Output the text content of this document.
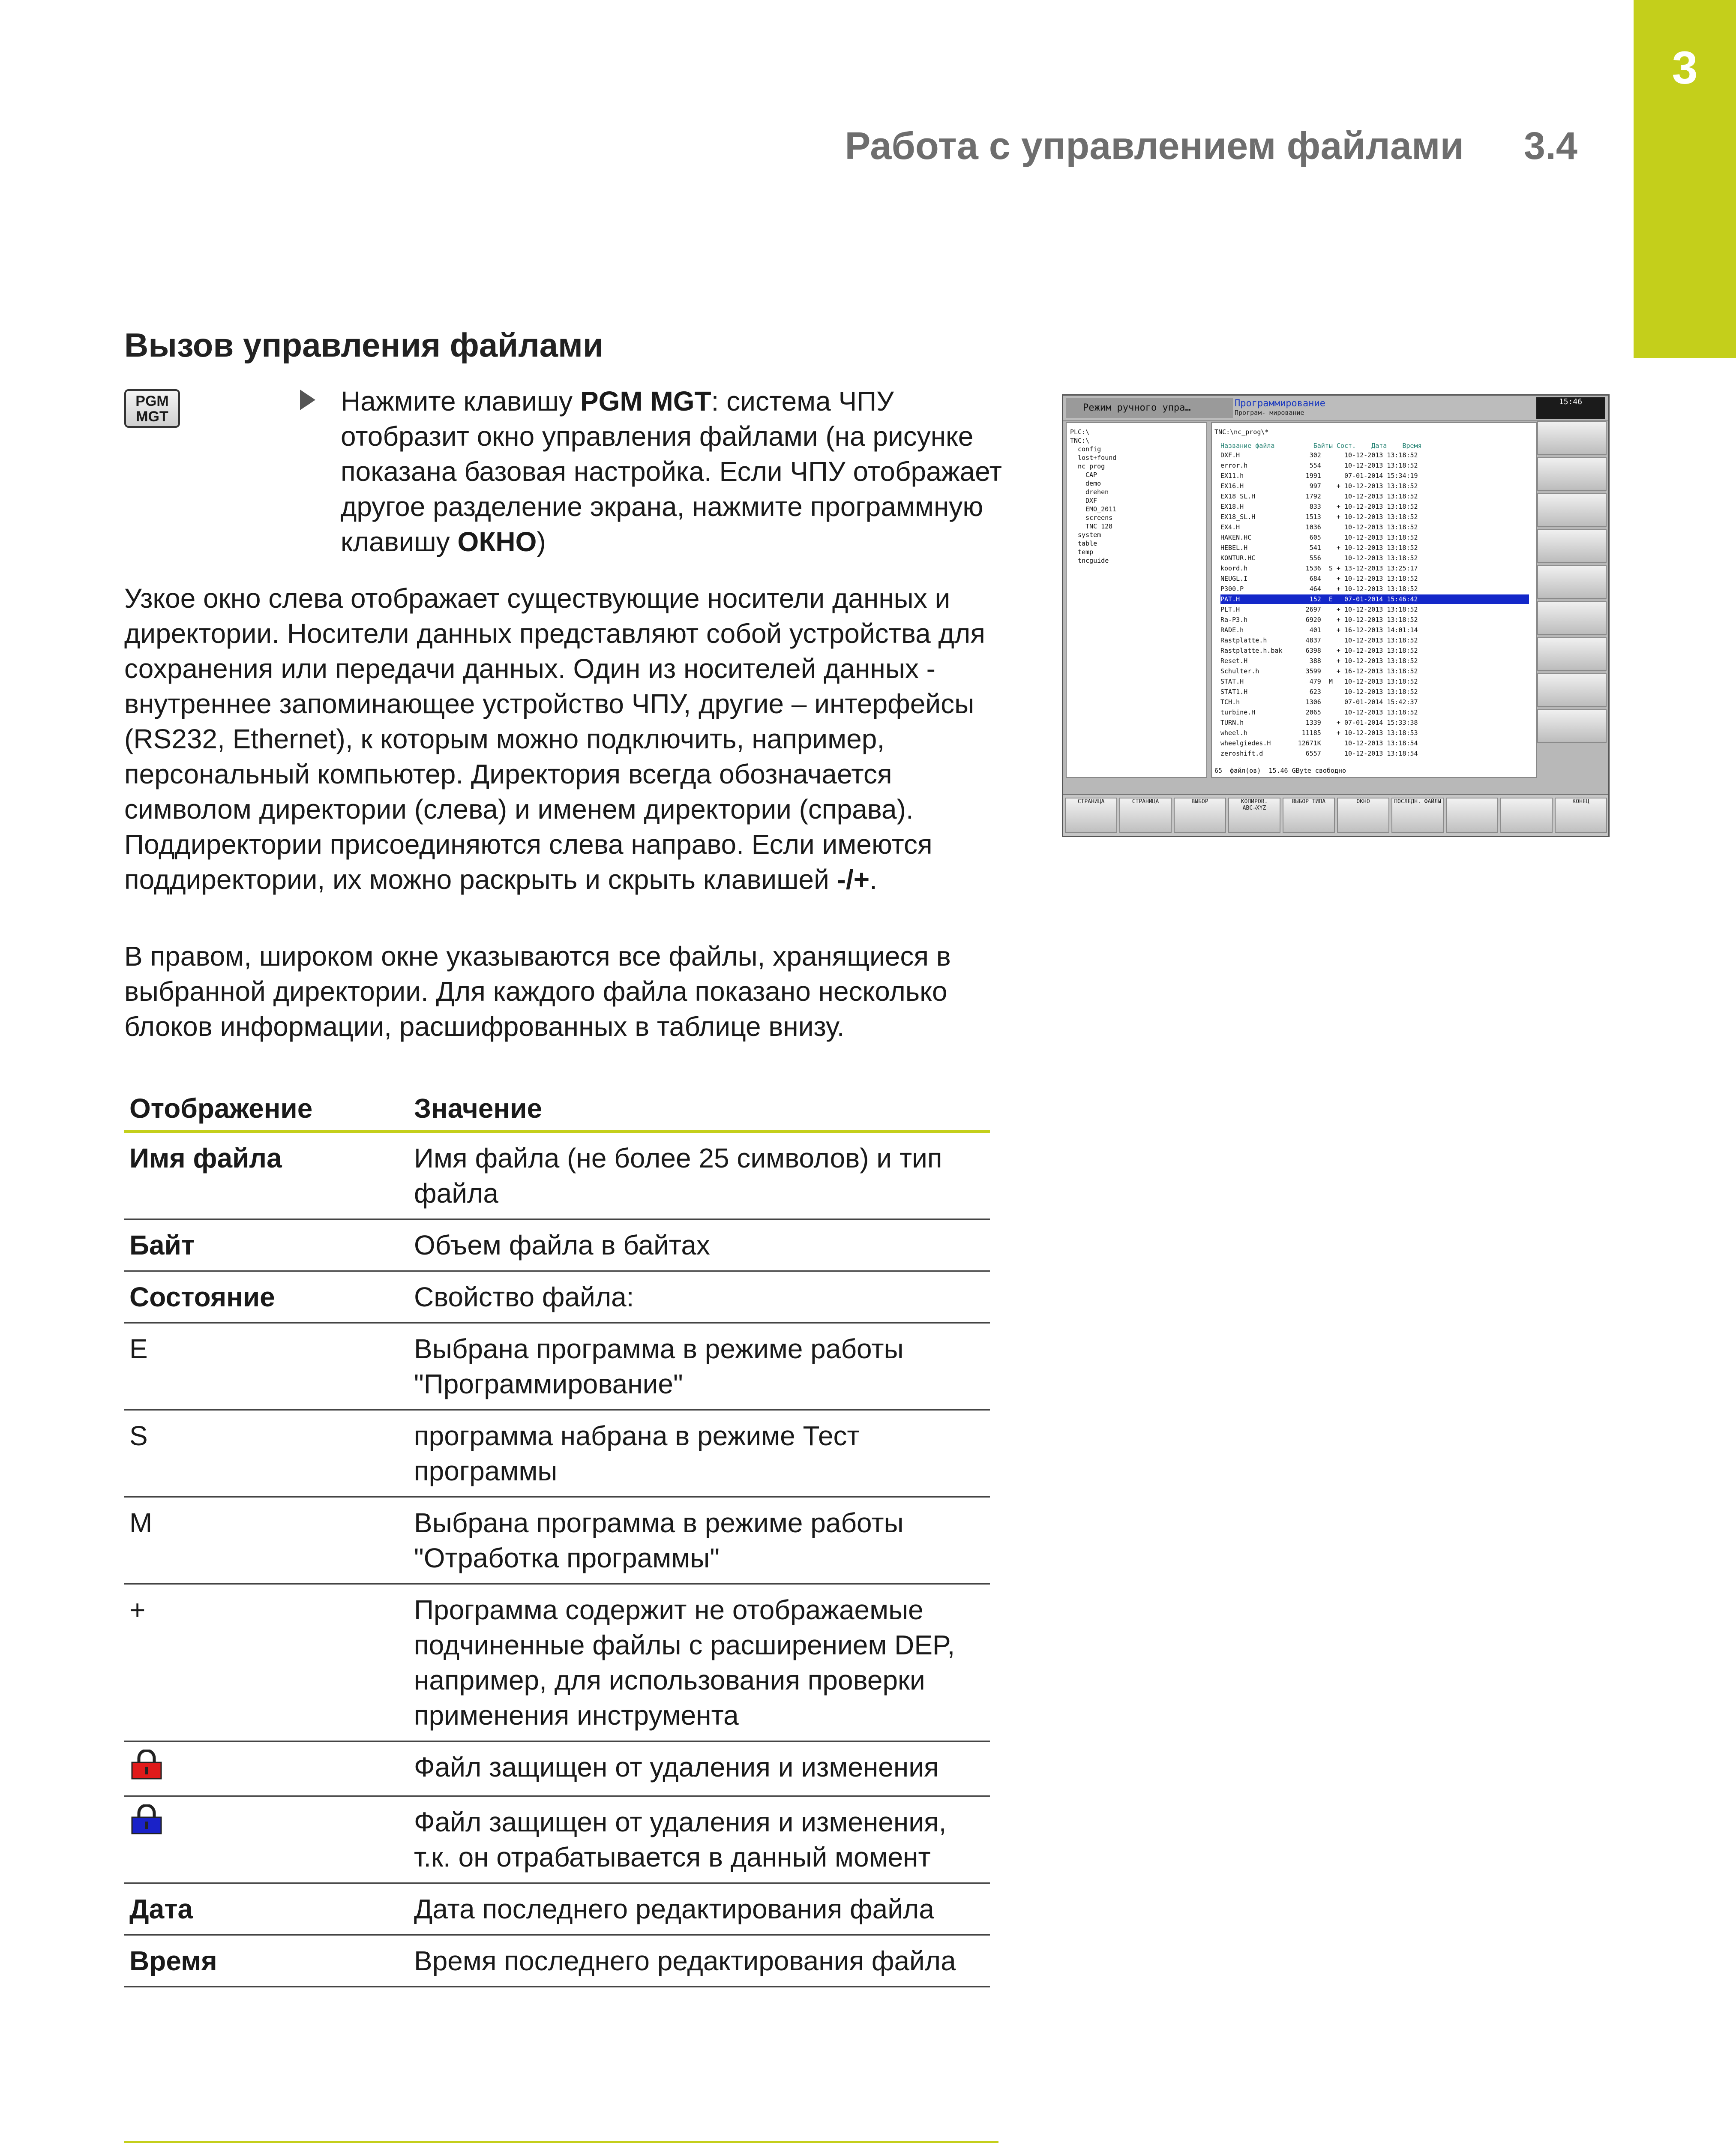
3
Работа с управлением файлами 3.4
Вызов управления файлами
PGM
MGT	Нажмите клавишу PGM MGT: система ЧПУ отобразит окно управления файлами (на рисунке показана базовая настройка. Если ЧПУ отображает другое разделение экрана, нажмите программную клавишу ОКНО)
Режим ручного упра…	Программирование
Програм- мирование
15:46
PLC:\
TNC:\
config
lost+found
nc_prog
CAP
demo
drehen
DXF
EMO_2011
screens
TNC 128
system
table
temp
tncguide
TNC:\nc_prog\*
Название файла          Байты Сост.    Дата    Время
DXF.H                  302      10-12-2013 13:18:52
error.h                554      10-12-2013 13:18:52
EX11.h                1991      07-01-2014 15:34:19
EX16.H                 997    + 10-12-2013 13:18:52
EX18_SL.H             1792      10-12-2013 13:18:52
EX18.H                 833    + 10-12-2013 13:18:52
EX18_SL.H             1513    + 10-12-2013 13:18:52
EX4.H                 1036      10-12-2013 13:18:52
HAKEN.HC               605      10-12-2013 13:18:52
HEBEL.H                541    + 10-12-2013 13:18:52
KONTUR.HC              556      10-12-2013 13:18:52
koord.h               1536  S + 13-12-2013 13:25:17
NEUGL.I                684    + 10-12-2013 13:18:52
P300.P                 464    + 10-12-2013 13:18:52
PAT.H                  152  E   07-01-2014 15:46:42
PLT.H                 2697    + 10-12-2013 13:18:52
Ra-P3.h               6920    + 10-12-2013 13:18:52
RADE.h                 401    + 16-12-2013 14:01:14
Rastplatte.h          4837      10-12-2013 13:18:52
Rastplatte.h.bak      6398    + 10-12-2013 13:18:52
Reset.H                388    + 10-12-2013 13:18:52
Schulter.h            3599    + 16-12-2013 13:18:52
STAT.H                 479  M   10-12-2013 13:18:52
STAT1.H                623      10-12-2013 13:18:52
TCH.h                 1306      07-01-2014 15:42:37
turbine.H             2065      10-12-2013 13:18:52
TURN.h                1339    + 07-01-2014 15:33:38
wheel.h              11185    + 10-12-2013 13:18:53
wheelgiedes.H       12671K      10-12-2013 13:18:54
zeroshift.d           6557      10-12-2013 13:18:54
65  файл(ов)  15.46 GByte свободно
СТРАНИЦА	СТРАНИЦА	ВЫБОР	КОПИРОВ. ABC→XYZ
ВЫБОР ТИПА	ОКНО	ПОСЛЕДН. ФАЙЛЫ	КОНЕЦ
Узкое окно слева отображает существующие носители данных и директории. Носители данных представляют собой устройства для сохранения или передачи данных. Один из носителей данных - внутреннее запоминающее устройство ЧПУ, другие – интерфейсы (RS232, Ethernet), к которым можно подключить, например, персональный компьютер. Директория всегда обозначается символом директории (слева) и именем директории (справа). Поддиректории присоединяются слева направо. Если имеются поддиректории, их можно раскрыть и скрыть клавишей -/+.
В правом, широком окне указываются все файлы, хранящиеся в выбранной директории. Для каждого файла показано несколько блоков информации, расшифрованных в таблице внизу.
Отображение	Значение
Имя файла	Имя файла (не более 25 символов) и тип файла
Байт	Объем файла в байтах
Состояние	Свойство файла:
E	Выбрана программа в режиме работы "Программирование"
S	программа набрана в режиме Тест программы
M	Выбрана программа в режиме работы "Отработка программы"
+	Программа содержит не отображаемые подчиненные файлы с расширением DEP, например, для использования проверки применения инструмента
	Файл защищен от удаления и изменения
	Файл защищен от удаления и изменения, т.к. он отрабатывается в данный момент
Дата	Дата последнего редактирования файла
Время	Время последнего редактирования файла
